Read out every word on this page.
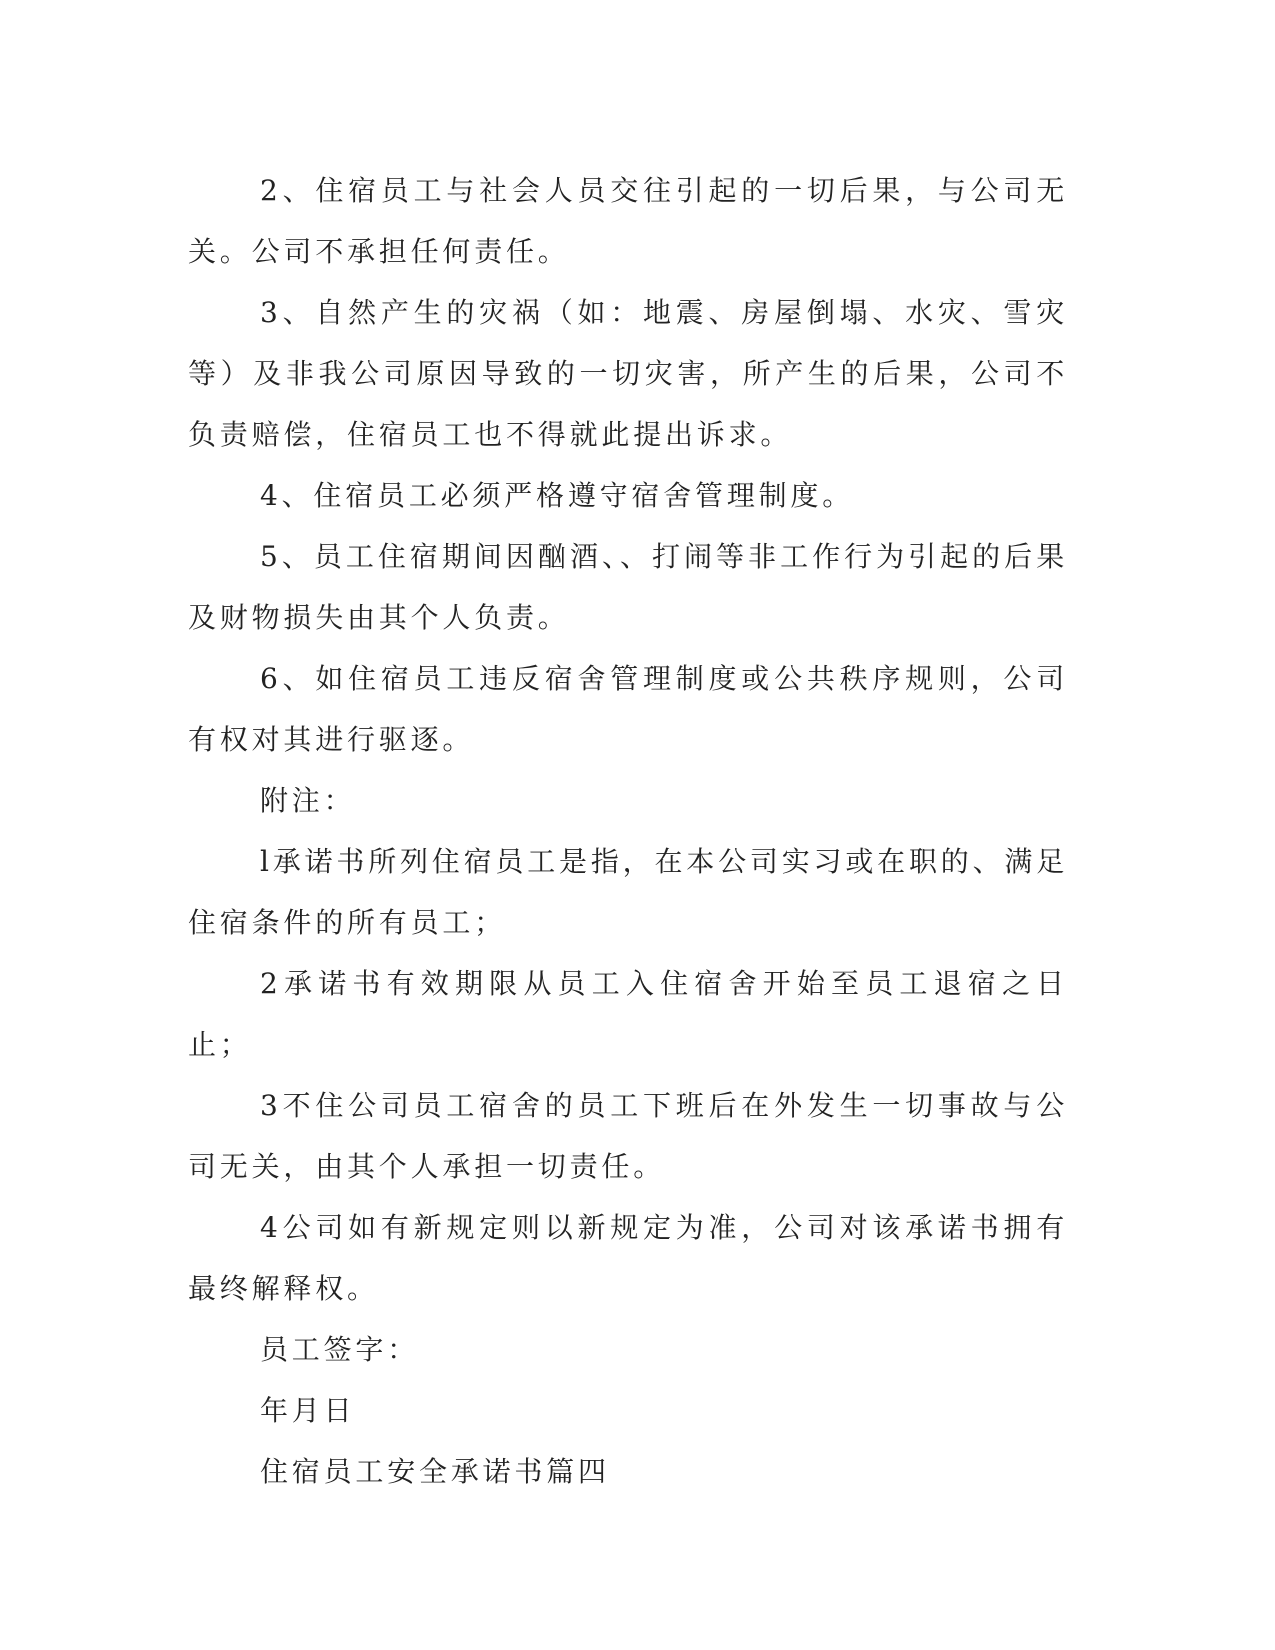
2、住宿员工与社会人员交往引起的一切后果，与公司无关。公司不承担任何责任。

3、自然产生的灾祸（如：地震、房屋倒塌、水灾、雪灾等）及非我公司原因导致的一切灾害，所产生的后果，公司不负责赔偿，住宿员工也不得就此提出诉求。

4、住宿员工必须严格遵守宿舍管理制度。

5、员工住宿期间因酗酒、、打闹等非工作行为引起的后果及财物损失由其个人负责。

6、如住宿员工违反宿舍管理制度或公共秩序规则，公司有权对其进行驱逐。

附注：

l承诺书所列住宿员工是指，在本公司实习或在职的、满足住宿条件的所有员工；

2承诺书有效期限从员工入住宿舍开始至员工退宿之日止；

3不住公司员工宿舍的员工下班后在外发生一切事故与公司无关，由其个人承担一切责任。

4公司如有新规定则以新规定为准，公司对该承诺书拥有最终解释权。

员工签字：

年月日

住宿员工安全承诺书篇四
